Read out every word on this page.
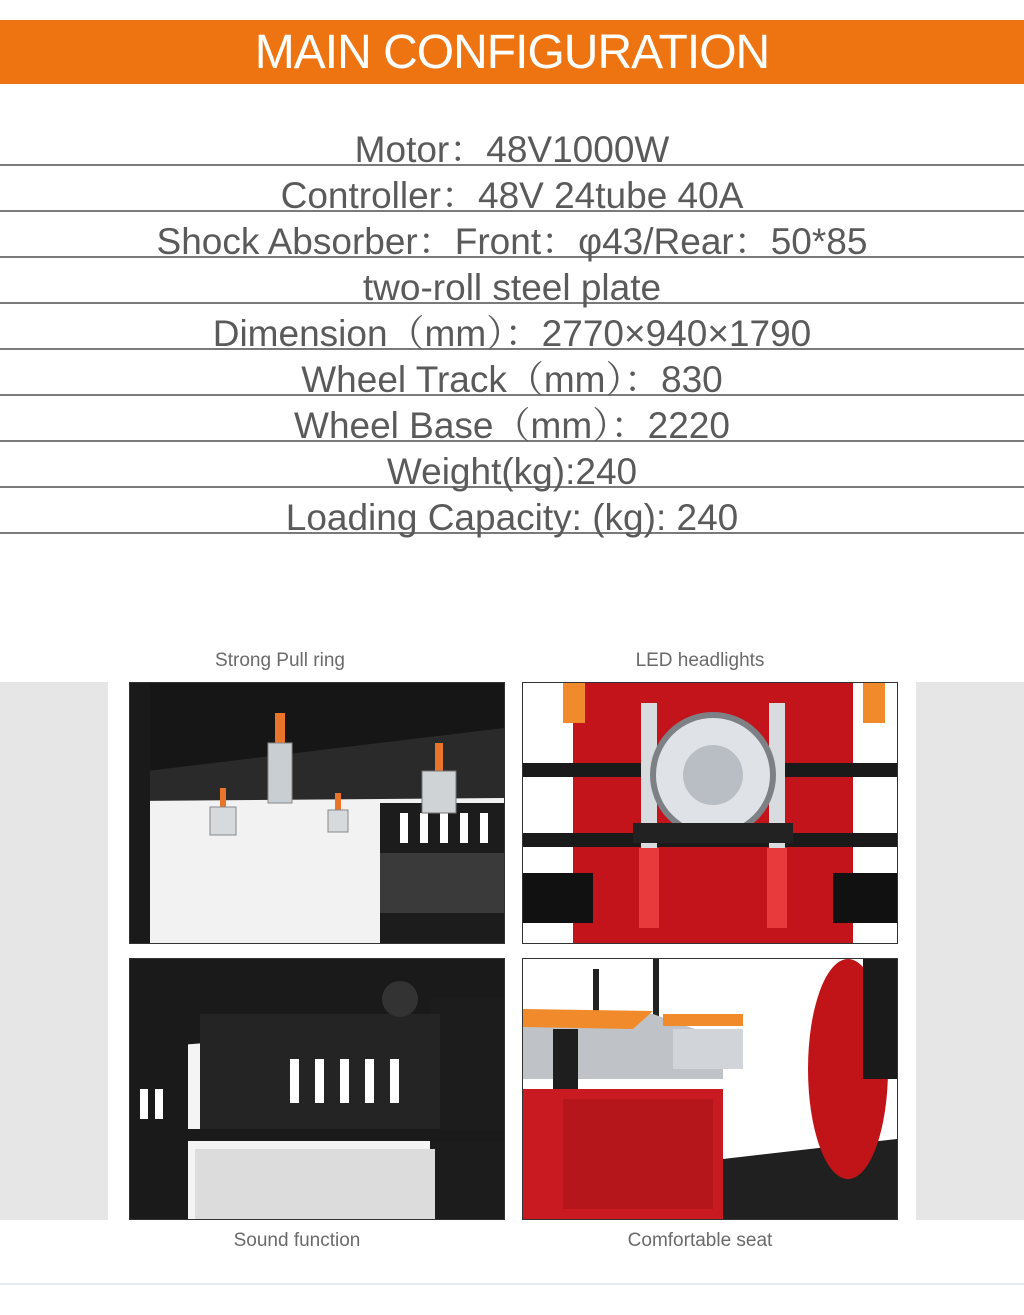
MAIN CONFIGURATION
Motor：48V1000W
Controller：48V 24tube 40A
Shock Absorber：Front：φ43/Rear：50*85
two-roll steel plate
Dimension（mm）：2770×940×1790
Wheel Track（mm）：830
Wheel Base（mm）：2220
Weight(kg):240
Loading Capacity: (kg): 240
Strong Pull ring	LED headlights
Sound function	Comfortable seat
